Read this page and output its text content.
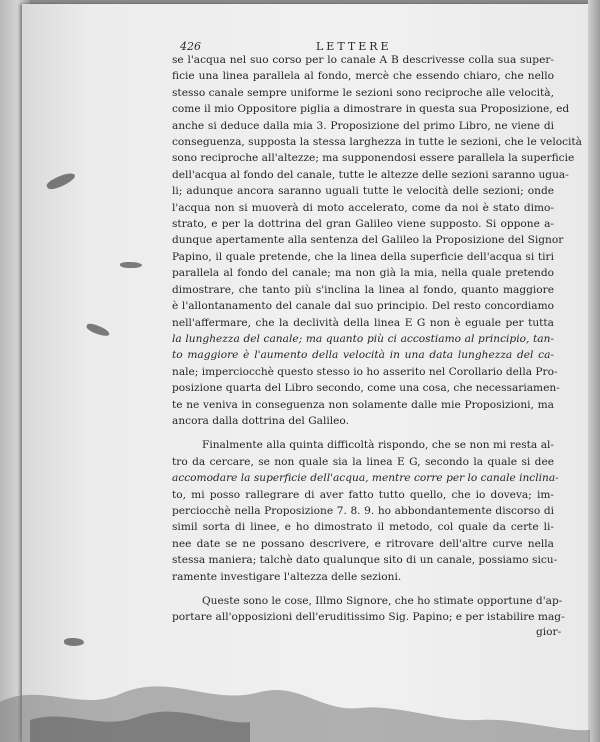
426	LETTERE
se l'acqua nel suo corso per lo canale A B descrivesse colla sua super-
ficie una linea parallela al fondo, mercè che essendo chiaro, che nello
stesso canale sempre uniforme le sezioni sono reciproche alle velocità,
come il mio Oppositore piglia a dimostrare in questa sua Proposizione, ed
anche si deduce dalla mia 3. Proposizione del primo Libro, ne viene di
conseguenza, supposta la stessa larghezza in tutte le sezioni, che le velocità
sono reciproche all'altezze; ma supponendosi essere parallela la superficie
dell'acqua al fondo del canale, tutte le altezze delle sezioni saranno ugua-
li; adunque ancora saranno uguali tutte le velocità delle sezioni; onde
l'acqua non si muoverà di moto accelerato, come da noi è stato dimo-
strato, e per la dottrina del gran Galileo viene supposto. Si oppone a-
dunque apertamente alla sentenza del Galileo la Proposizione del Signor
Papino, il quale pretende, che la linea della superficie dell'acqua si tiri
parallela al fondo del canale; ma non già la mia, nella quale pretendo
dimostrare, che tanto più s'inclina la linea al fondo, quanto maggiore
è l'allontanamento del canale dal suo principio. Del resto concordiamo
nell'affermare, che la declività della linea E G non è eguale per tutta
la lunghezza del canale; ma quanto più ci accostiamo al principio, tan-
to maggiore è l'aumento della velocità in una data lunghezza del ca-
nale; imperciocchè questo stesso io ho asserito nel Corollario della Pro-
posizione quarta del Libro secondo, come una cosa, che necessariamen-
te ne veniva in conseguenza non solamente dalle mie Proposizioni, ma
ancora dalla dottrina del Galileo.
Finalmente alla quinta difficoltà rispondo, che se non mi resta al-
tro da cercare, se non quale sia la linea E G, secondo la quale si dee
accomodare la superficie dell'acqua, mentre corre per lo canale inclina-
to, mi posso rallegrare di aver fatto tutto quello, che io doveva; im-
perciocchè nella Proposizione 7. 8. 9. ho abbondantemente discorso di
simil sorta di linee, e ho dimostrato il metodo, col quale da certe li-
nee date se ne possano descrivere, e ritrovare dell'altre curve nella
stessa maniera; talchè dato qualunque sito di un canale, possiamo sicu-
ramente investigare l'altezza delle sezioni.
Queste sono le cose, Illmo Signore, che ho stimate opportune d'ap-
portare all'opposizioni dell'eruditissimo Sig. Papino; e per istabilire mag-
gior-
